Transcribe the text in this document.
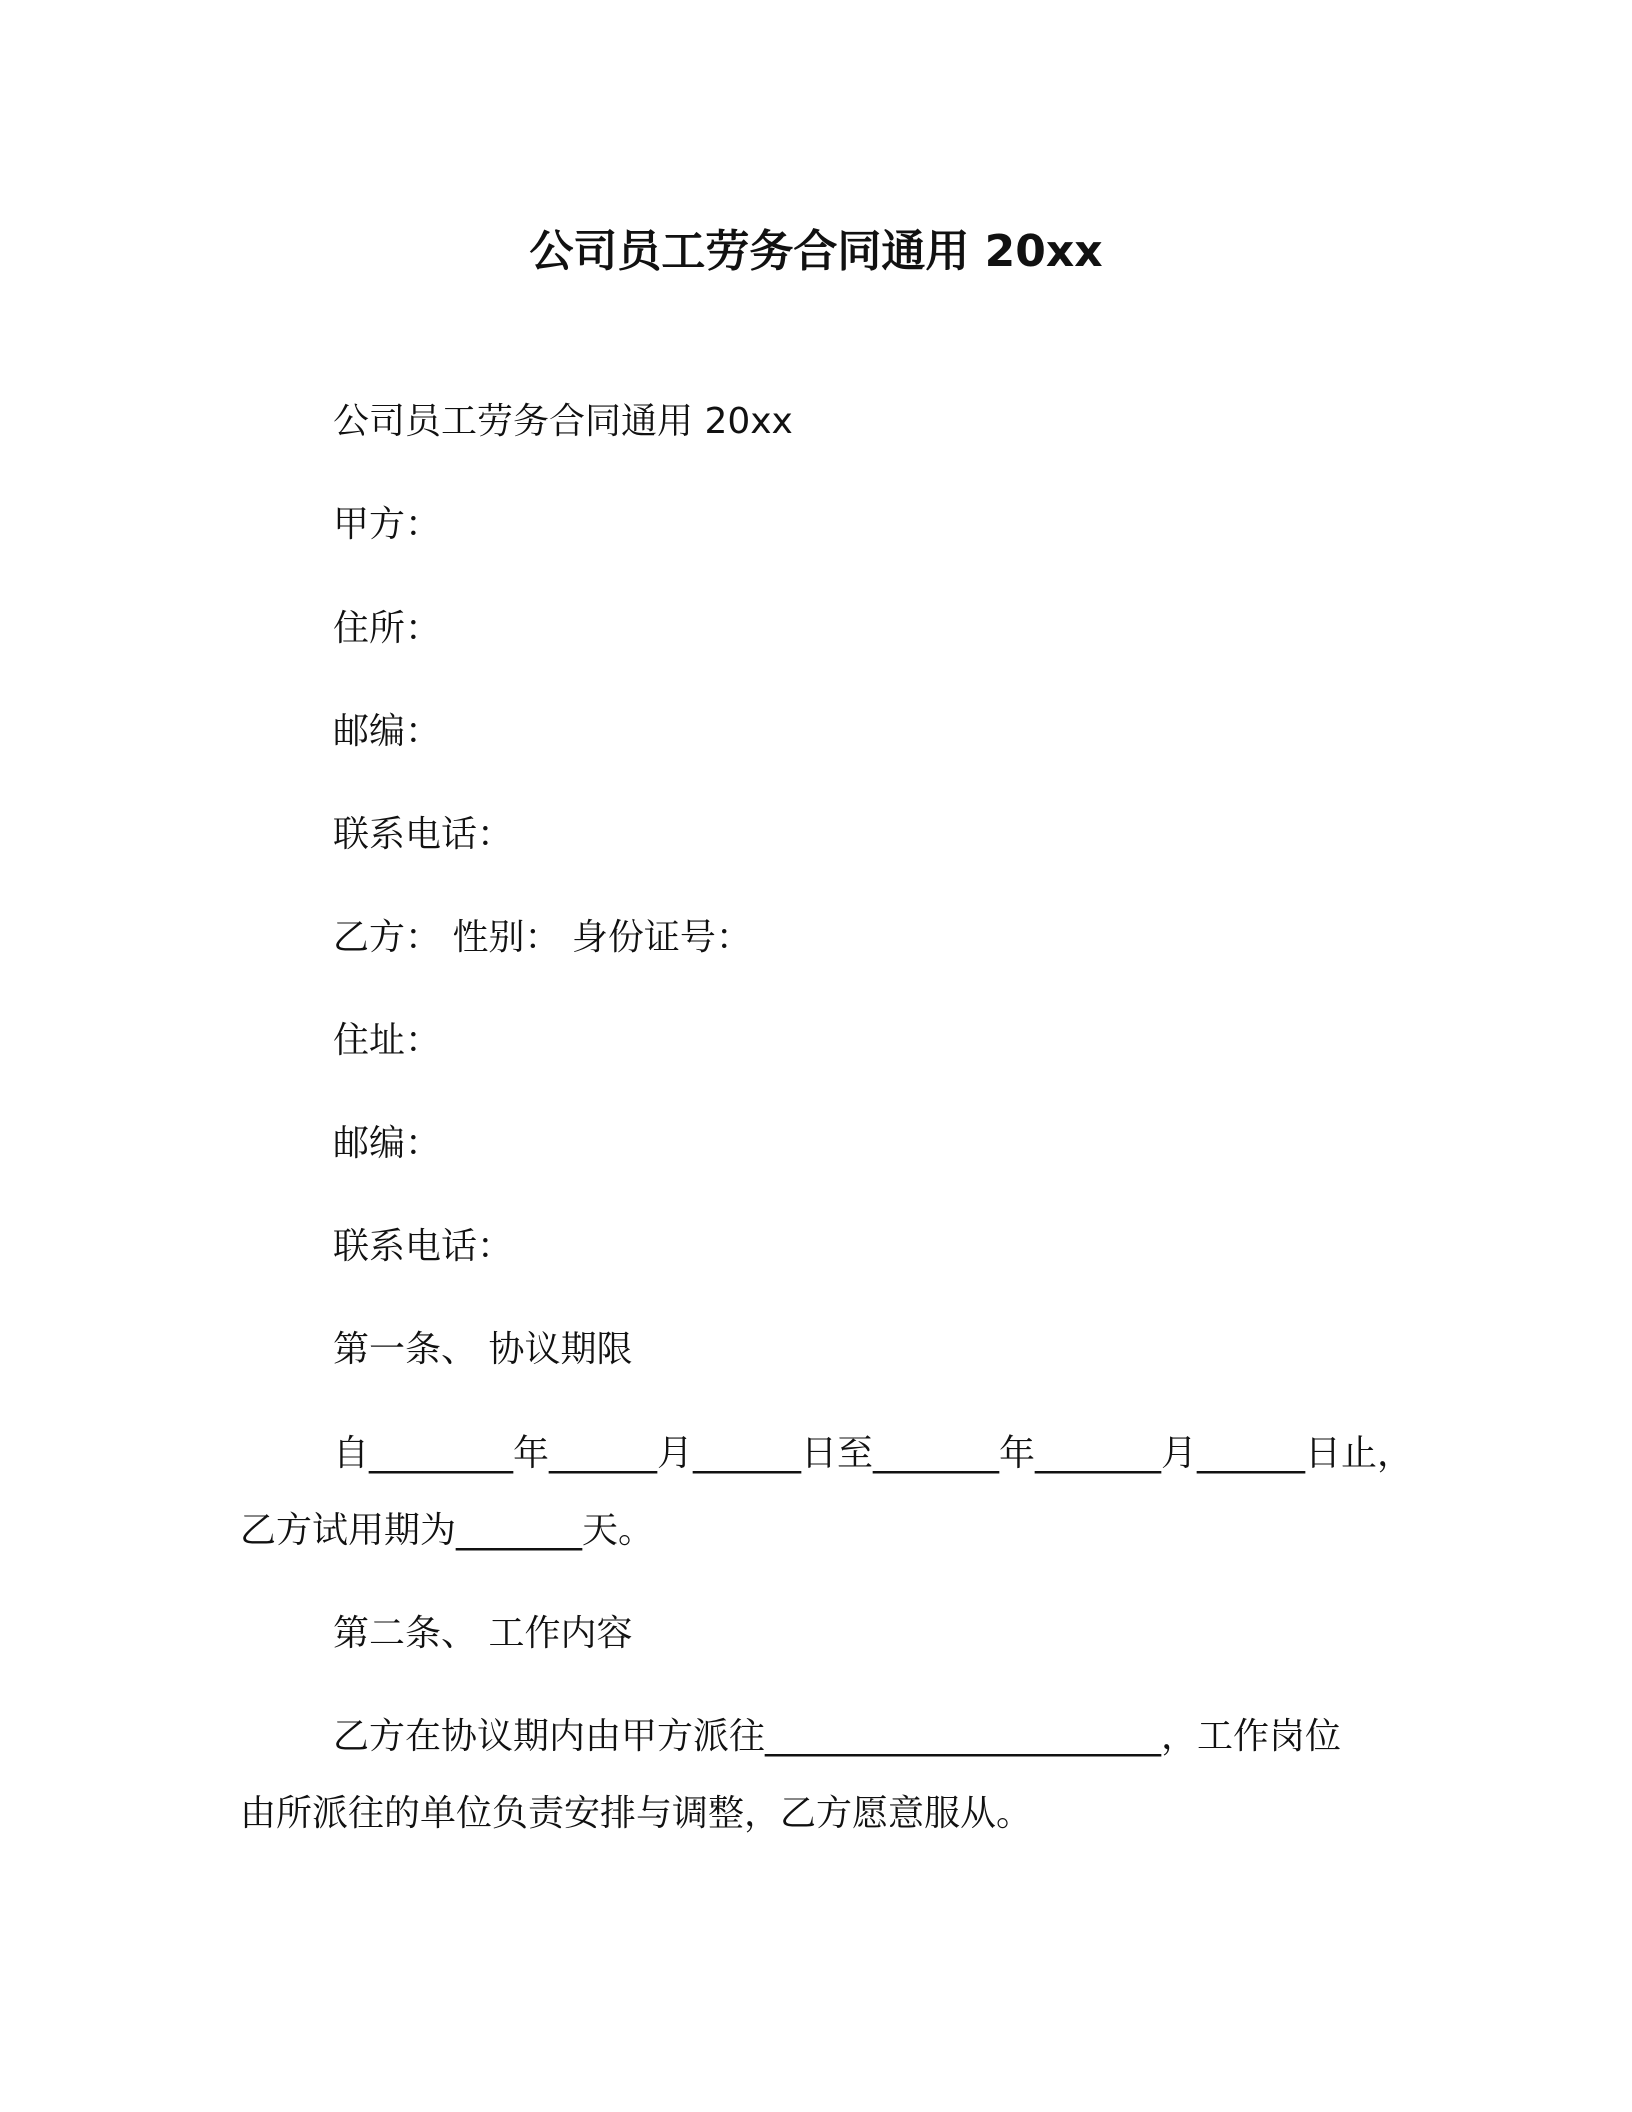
公司员工劳务合同通用 20xx
公司员工劳务合同通用 20xx
甲方：
住所：
邮编：
联系电话：
乙方： 性别： 身份证号：
住址：
邮编：
联系电话：
第一条、 协议期限
自________年______月______日至_______年_______月______日止，
乙方试用期为_______天。
第二条、 工作内容
乙方在协议期内由甲方派往______________________，工作岗位
由所派往的单位负责安排与调整，乙方愿意服从。
